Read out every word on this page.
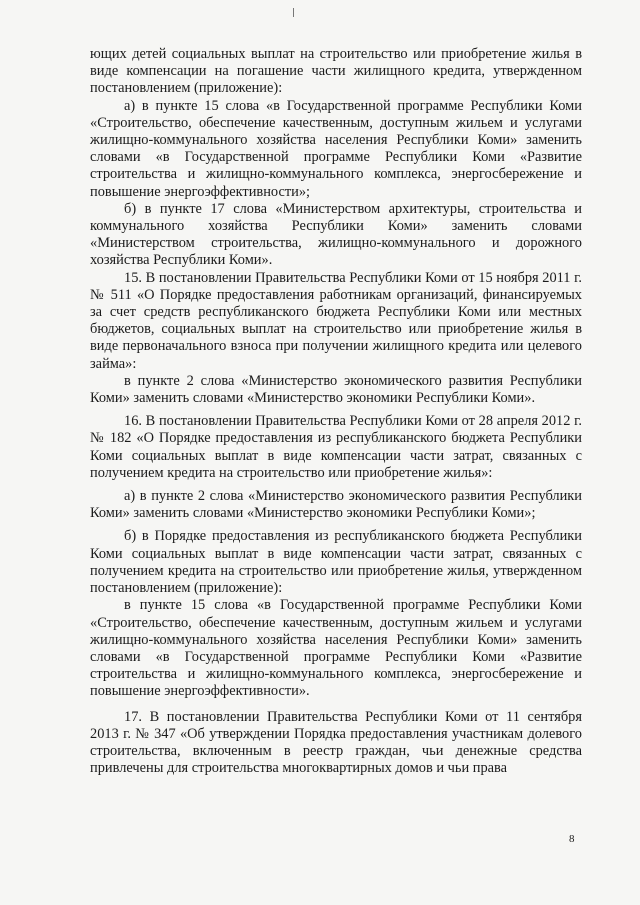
ющих детей социальных выплат на строительство или приобретение жилья в виде компенсации на погашение части жилищного кредита, утвержденном постановлением (приложение):

а) в пункте 15 слова «в Государственной программе Республики Коми «Строительство, обеспечение качественным, доступным жильем и услугами жилищно-коммунального хозяйства населения Республики Коми» заменить словами «в Государственной программе Республики Коми «Развитие строительства и жилищно-коммунального комплекса, энергосбережение и повышение энергоэффективности»;

б) в пункте 17 слова «Министерством архитектуры, строительства и коммунального хозяйства Республики Коми» заменить словами «Министерством строительства, жилищно-коммунального и дорожного хозяйства Республики Коми».

15. В постановлении Правительства Республики Коми от 15 ноября 2011 г. № 511 «О Порядке предоставления работникам организаций, финансируемых за счет средств республиканского бюджета Республики Коми или местных бюджетов, социальных выплат на строительство или приобретение жилья в виде первоначального взноса при получении жилищного кредита или целевого займа»:

в пункте 2 слова «Министерство экономического развития Республики Коми» заменить словами «Министерство экономики Республики Коми».

16. В постановлении Правительства Республики Коми от 28 апреля 2012 г. № 182 «О Порядке предоставления из республиканского бюджета Республики Коми социальных выплат в виде компенсации части затрат, связанных с получением кредита на строительство или приобретение жилья»:

а) в пункте 2 слова «Министерство экономического развития Республики Коми» заменить словами «Министерство экономики Республики Коми»;

б) в Порядке предоставления из республиканского бюджета Республики Коми социальных выплат в виде компенсации части затрат, связанных с получением кредита на строительство или приобретение жилья, утвержденном постановлением (приложение):

в пункте 15 слова «в Государственной программе Республики Коми «Строительство, обеспечение качественным, доступным жильем и услугами жилищно-коммунального хозяйства населения Республики Коми» заменить словами «в Государственной программе Республики Коми «Развитие строительства и жилищно-коммунального комплекса, энергосбережение и повышение энергоэффективности».

17. В постановлении Правительства Республики Коми от 11 сентября 2013 г. № 347 «Об утверждении Порядка предоставления участникам долевого строительства, включенным в реестр граждан, чьи денежные средства привлечены для строительства многоквартирных домов и чьи права

8
